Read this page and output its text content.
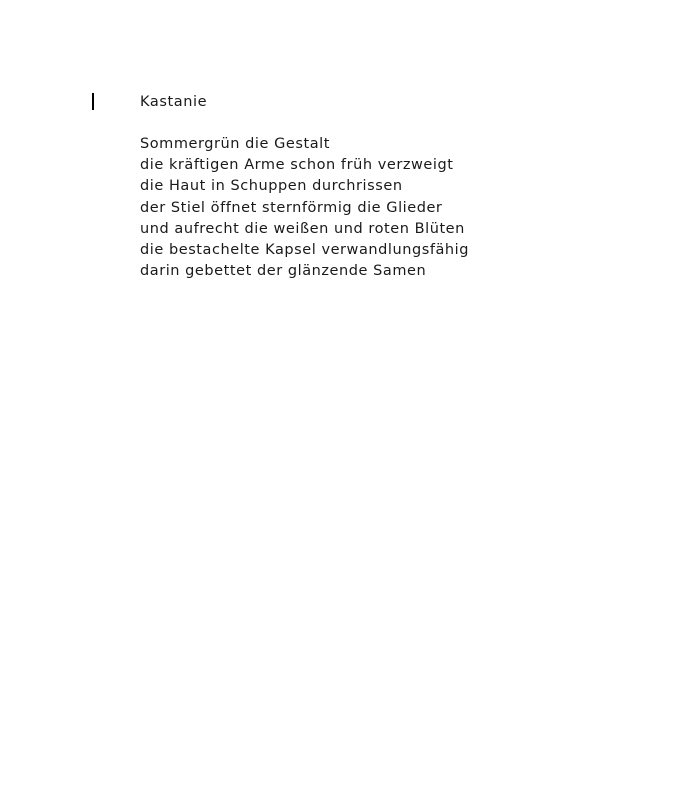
Kastanie
Sommergrün die Gestalt
die kräftigen Arme schon früh verzweigt
die Haut in Schuppen durchrissen
der Stiel öffnet sternförmig die Glieder
und aufrecht die weißen und roten Blüten
die bestachelte Kapsel verwandlungsfähig
darin gebettet der glänzende Samen
